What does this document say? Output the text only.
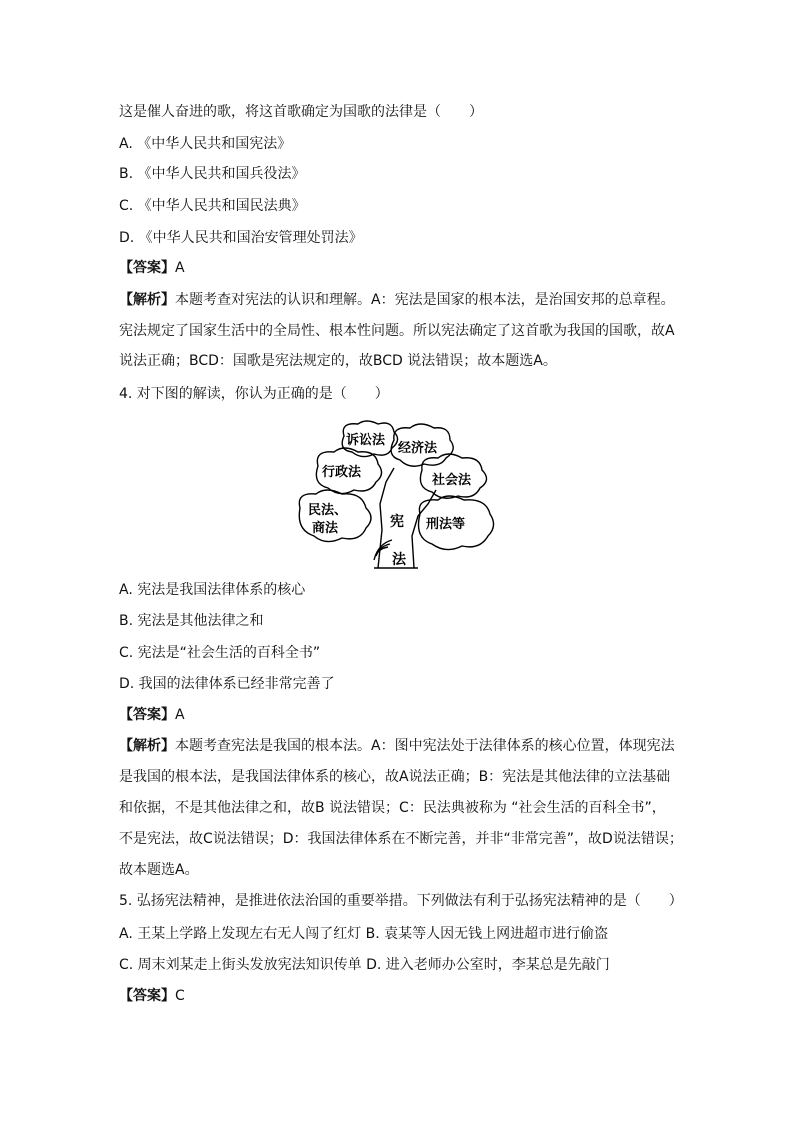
这是催人奋进的歌，将这首歌确定为国歌的法律是（　　）
A. 《中华人民共和国宪法》
B. 《中华人民共和国兵役法》
C. 《中华人民共和国民法典》
D. 《中华人民共和国治安管理处罚法》
【答案】A
【解析】本题考查对宪法的认识和理解。A：宪法是国家的根本法，是治国安邦的总章程。
宪法规定了国家生活中的全局性、根本性问题。所以宪法确定了这首歌为我国的国歌，故A
说法正确；BCD：国歌是宪法规定的，故BCD 说法错误；故本题选A。
4. 对下图的解读，你认为正确的是（　　）
诉讼法
经济法
行政法
社会法
民法、
商法	刑法等
宪
法
A. 宪法是我国法律体系的核心
B. 宪法是其他法律之和
C. 宪法是“社会生活的百科全书”
D. 我国的法律体系已经非常完善了
【答案】A
【解析】本题考查宪法是我国的根本法。A：图中宪法处于法律体系的核心位置，体现宪法
是我国的根本法，是我国法律体系的核心，故A说法正确；B：宪法是其他法律的立法基础
和依据，不是其他法律之和，故B 说法错误；C：民法典被称为 “社会生活的百科全书”，
不是宪法，故C说法错误；D：我国法律体系在不断完善，并非“非常完善”，故D说法错误；
故本题选A。
5. 弘扬宪法精神，是推进依法治国的重要举措。下列做法有利于弘扬宪法精神的是（　　）
A. 王某上学路上发现左右无人闯了红灯 B. 袁某等人因无钱上网进超市进行偷盗
C. 周末刘某走上街头发放宪法知识传单 D. 进入老师办公室时，李某总是先敲门
【答案】C
